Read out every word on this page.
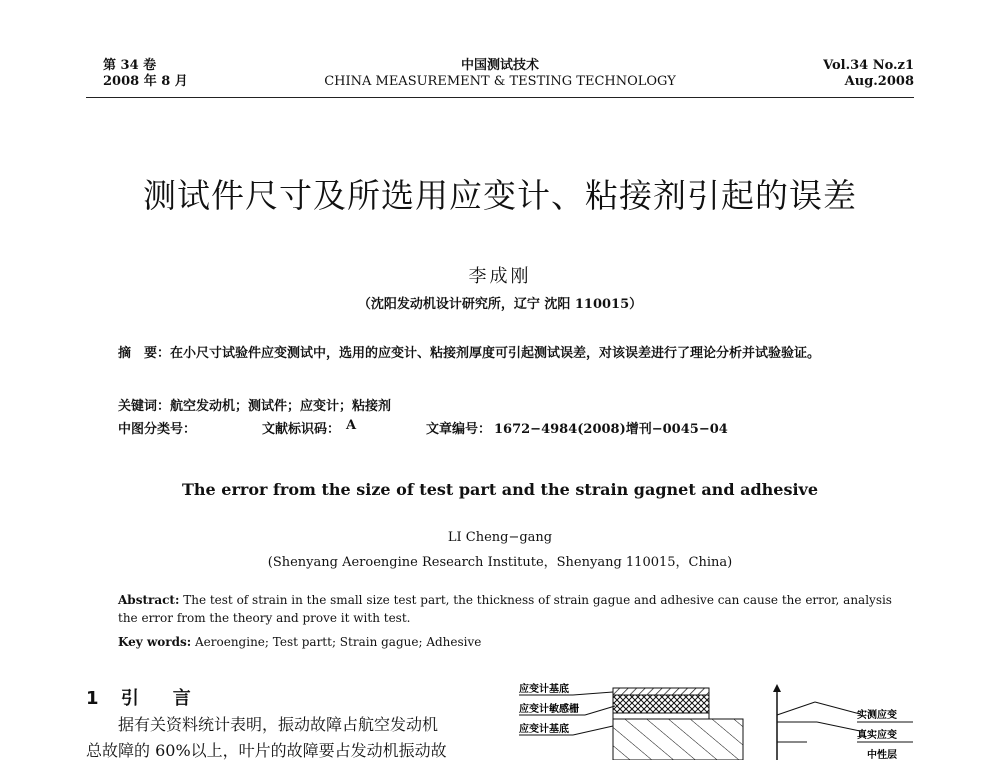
第 34 卷
2008 年 8 月
中国测试技术
CHINA MEASUREMENT & TESTING TECHNOLOGY
Vol.34 No.z1
Aug.2008
测试件尺寸及所选用应变计、粘接剂引起的误差
李成刚
（沈阳发动机设计研究所，辽宁 沈阳 110015）
摘　要：在小尺寸试验件应变测试中，选用的应变计、粘接剂厚度可引起测试误差，对该误差进行了理论分析并试验验证。
关键词：航空发动机；测试件；应变计；粘接剂
中图分类号：	文献标识码： A	文章编号： 1672−4984(2008)增刊−0045−04
The error from the size of test part and the strain gagnet and adhesive
LI Cheng−gang
(Shenyang Aeroengine Research Institute，Shenyang 110015，China)
Abstract: The test of strain in the small size test part, the thickness of strain gague and adhesive can cause the error, analysis the error from the theory and prove it with test.
Key words: Aeroengine; Test partt; Strain gague; Adhesive
1 引　言
据有关资料统计表明，振动故障占航空发动机
总故障的 60%以上，叶片的故障要占发动机振动故
应变计基底
应变计敏感栅
应变计基底
实测应变
真实应变
中性层
